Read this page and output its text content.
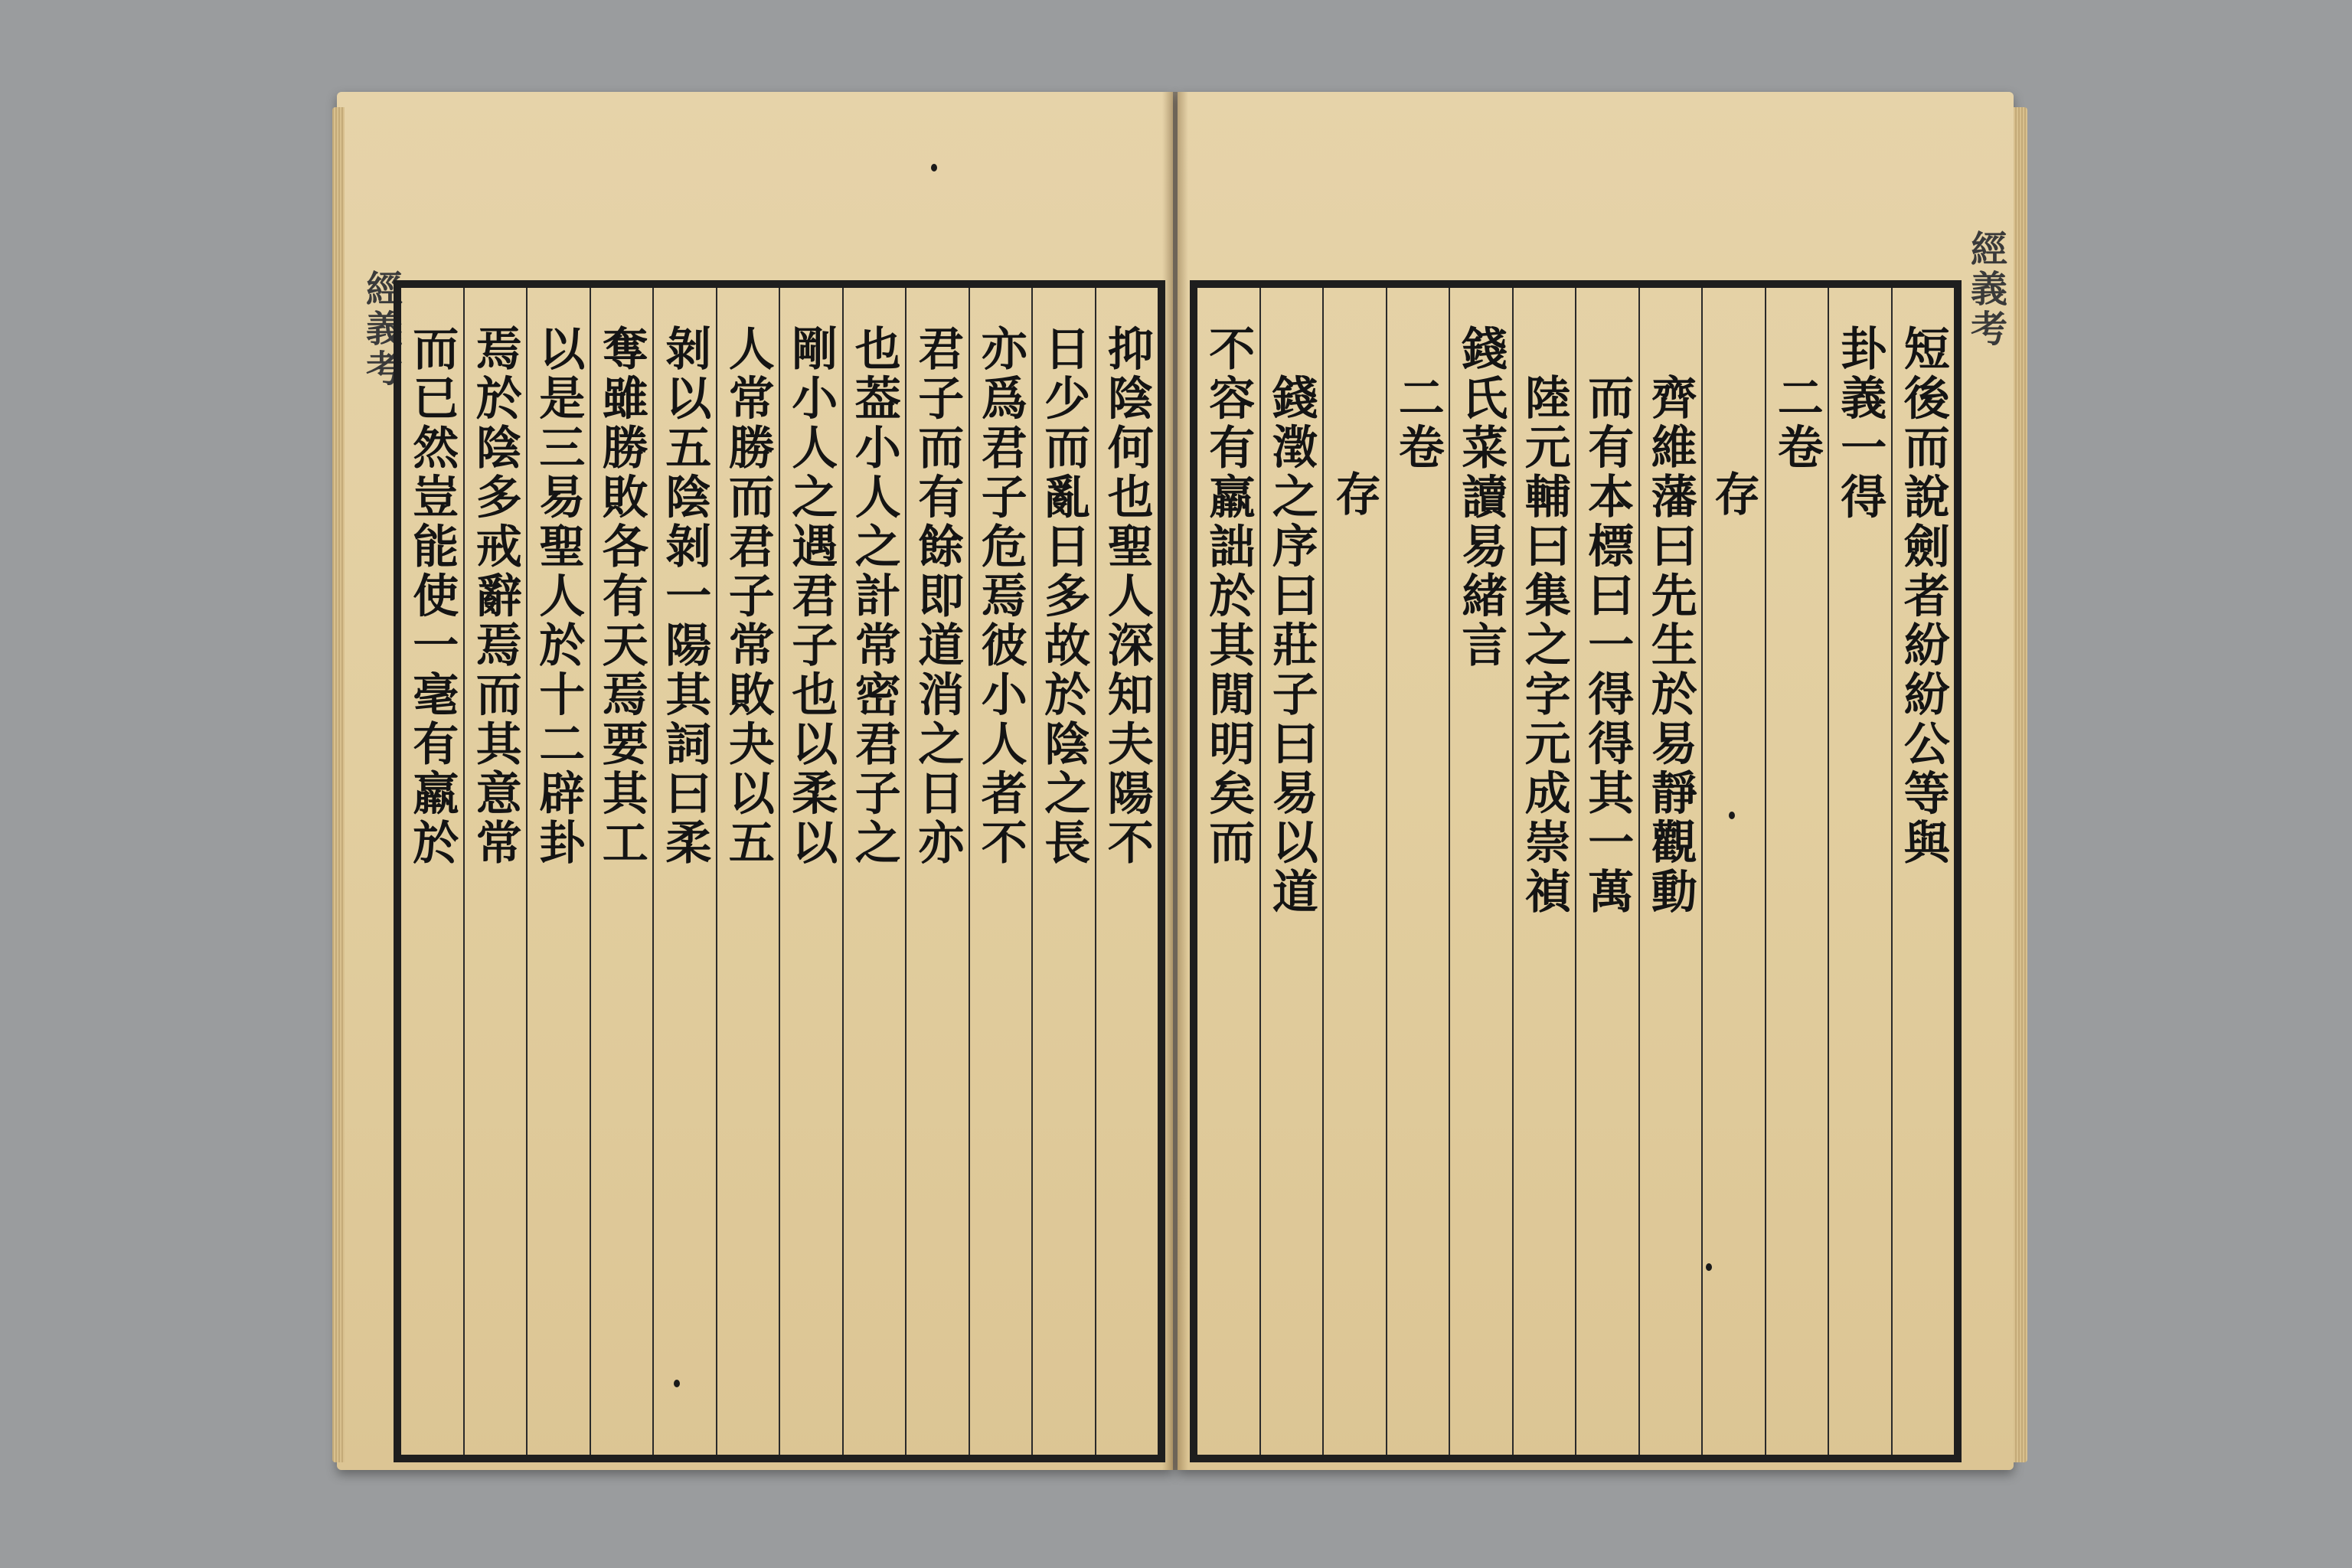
經義考	抑陰何也聖人深知夫陽不
日少而亂日多故於陰之長
亦爲君子危焉彼小人者不
君子而有餘即道消之日亦
也葢小人之計常密君子之
剛小人之遇君子也以柔以
人常勝而君子常敗夬以五
剝以五陰剝一陽其詞曰柔
奪雖勝敗各有天焉要其工
以是三易聖人於十二辟卦
焉於陰多戒辭焉而其意常
而已然豈能使一毫有羸於	短後而說劍者紛紛公等與
卦義一得
二卷
存
齊維藩曰先生於易靜觀動
而有本標曰一得得其一萬
陸元輔曰集之字元成崇禎
錢氏菜讀易緒言
二卷
存
錢澂之序曰莊子曰易以道
不容有羸詘於其閒明矣而
經義考
